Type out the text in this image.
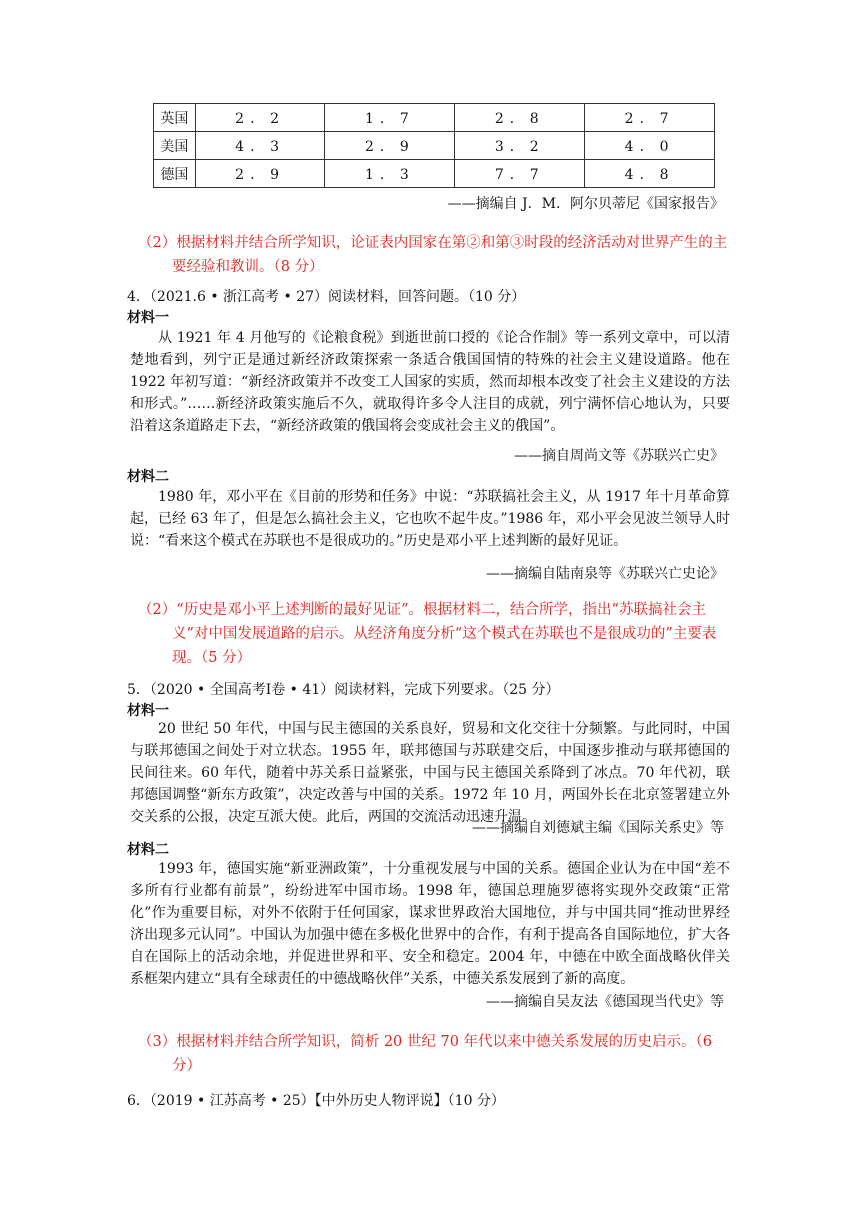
英国	2．2	1．7	2．8	2．7
美国	4．3	2．9	3．2	4．0
德国	2．9	1．3	7．7	4．8
——摘编自 J．M．阿尔贝蒂尼《国家报告》
（2）根据材料并结合所学知识，论证表内国家在第②和第③时段的经济活动对世界产生的主要经验和教训。（8 分）
4．（2021.6 • 浙江高考 • 27）阅读材料，回答问题。（10 分）
材料一
从 1921 年 4 月他写的《论粮食税》到逝世前口授的《论合作制》等一系列文章中，可以清楚地看到，列宁正是通过新经济政策探索一条适合俄国国情的特殊的社会主义建设道路。他在 1922 年初写道：“新经济政策并不改变工人国家的实质，然而却根本改变了社会主义建设的方法和形式。”……新经济政策实施后不久，就取得许多令人注目的成就，列宁满怀信心地认为，只要沿着这条道路走下去，“新经济政策的俄国将会变成社会主义的俄国”。
——摘自周尚文等《苏联兴亡史》
材料二
1980 年，邓小平在《目前的形势和任务》中说：“苏联搞社会主义，从 1917 年十月革命算起，已经 63 年了，但是怎么搞社会主义，它也吹不起牛皮。”1986 年，邓小平会见波兰领导人时说：“看来这个模式在苏联也不是很成功的。”历史是邓小平上述判断的最好见证。
——摘编自陆南泉等《苏联兴亡史论》
（2）“历史是邓小平上述判断的最好见证”。根据材料二，结合所学，指出“苏联搞社会主义”对中国发展道路的启示。从经济角度分析“这个模式在苏联也不是很成功的”主要表现。（5 分）
5．（2020 • 全国高考Ⅰ卷 • 41）阅读材料，完成下列要求。（25 分）
材料一
20 世纪 50 年代，中国与民主德国的关系良好，贸易和文化交往十分频繁。与此同时，中国与联邦德国之间处于对立状态。1955 年，联邦德国与苏联建交后，中国逐步推动与联邦德国的民间往来。60 年代，随着中苏关系日益紧张，中国与民主德国关系降到了冰点。70 年代初，联邦德国调整“新东方政策”，决定改善与中国的关系。1972 年 10 月，两国外长在北京签署建立外交关系的公报，决定互派大使。此后，两国的交流活动迅速升温。
——摘编自刘德斌主编《国际关系史》等
材料二
1993 年，德国实施“新亚洲政策”，十分重视发展与中国的关系。德国企业认为在中国“差不多所有行业都有前景”，纷纷进军中国市场。1998 年，德国总理施罗德将实现外交政策“正常化”作为重要目标，对外不依附于任何国家，谋求世界政治大国地位，并与中国共同“推动世界经济出现多元认同”。中国认为加强中德在多极化世界中的合作，有利于提高各自国际地位，扩大各自在国际上的活动余地，并促进世界和平、安全和稳定。2004 年，中德在中欧全面战略伙伴关系框架内建立“具有全球责任的中德战略伙伴”关系，中德关系发展到了新的高度。
——摘编自吴友法《德国现当代史》等
（3）根据材料并结合所学知识，简析 20 世纪 70 年代以来中德关系发展的历史启示。（6 分）
6．（2019 • 江苏高考 • 25）【中外历史人物评说】（10 分）
